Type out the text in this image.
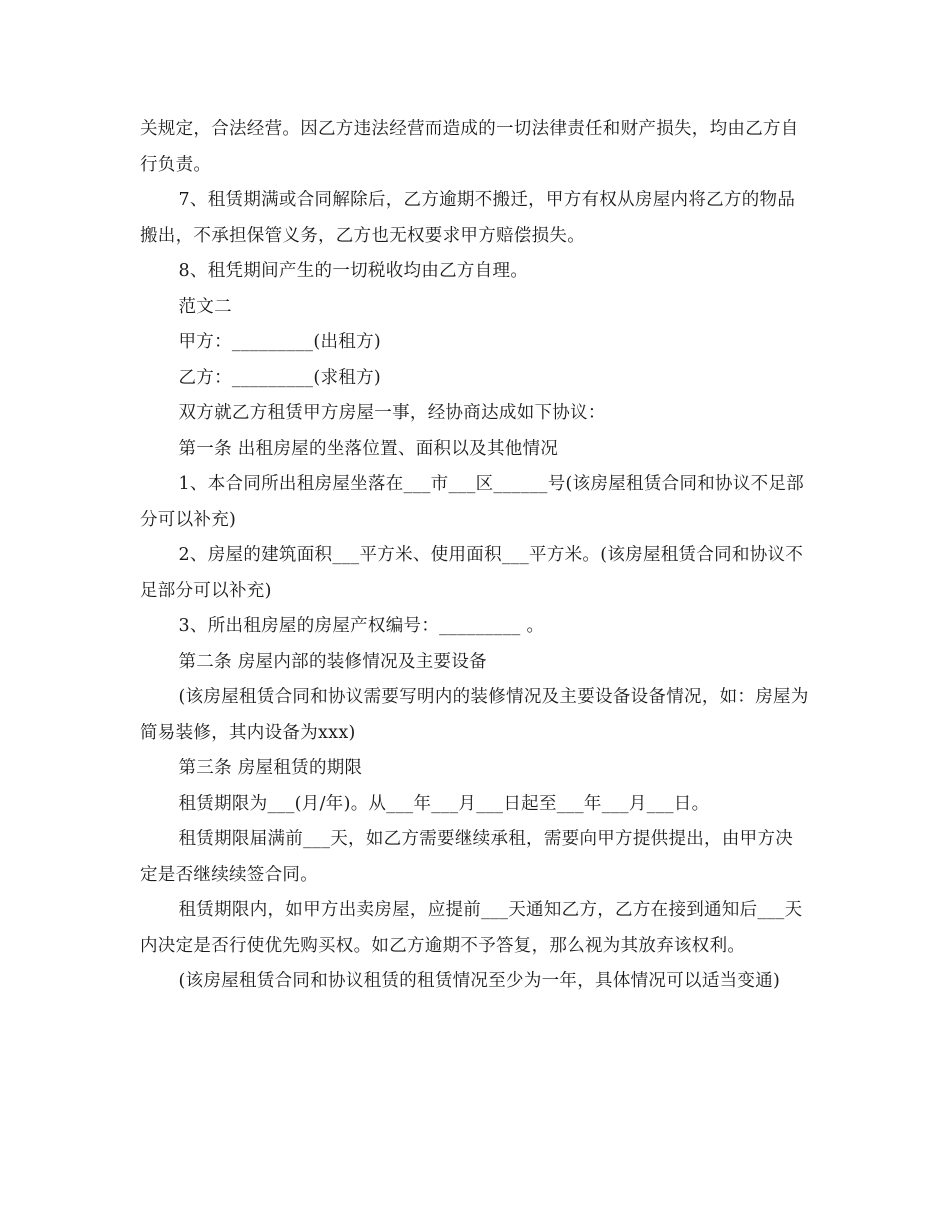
关规定，合法经营。因乙方违法经营而造成的一切法律责任和财产损失，均由乙方自行负责。

7、租赁期满或合同解除后，乙方逾期不搬迁，甲方有权从房屋内将乙方的物品搬出，不承担保管义务，乙方也无权要求甲方赔偿损失。

8、租凭期间产生的一切税收均由乙方自理。

范文二

甲方：_________(出租方)

乙方：_________(求租方)

双方就乙方租赁甲方房屋一事，经协商达成如下协议：

第一条 出租房屋的坐落位置、面积以及其他情况

1、本合同所出租房屋坐落在___市___区______号(该房屋租赁合同和协议不足部分可以补充)

2、房屋的建筑面积___平方米、使用面积___平方米。(该房屋租赁合同和协议不足部分可以补充)

3、所出租房屋的房屋产权编号：_________ 。

第二条 房屋内部的装修情况及主要设备

(该房屋租赁合同和协议需要写明内的装修情况及主要设备设备情况，如：房屋为简易装修，其内设备为xxx)

第三条 房屋租赁的期限

租赁期限为___(月/年)。从___年___月___日起至___年___月___日。

租赁期限届满前___天，如乙方需要继续承租，需要向甲方提供提出，由甲方决定是否继续续签合同。

租赁期限内，如甲方出卖房屋，应提前___天通知乙方，乙方在接到通知后___天内决定是否行使优先购买权。如乙方逾期不予答复，那么视为其放弃该权利。

(该房屋租赁合同和协议租赁的租赁情况至少为一年，具体情况可以适当变通)
